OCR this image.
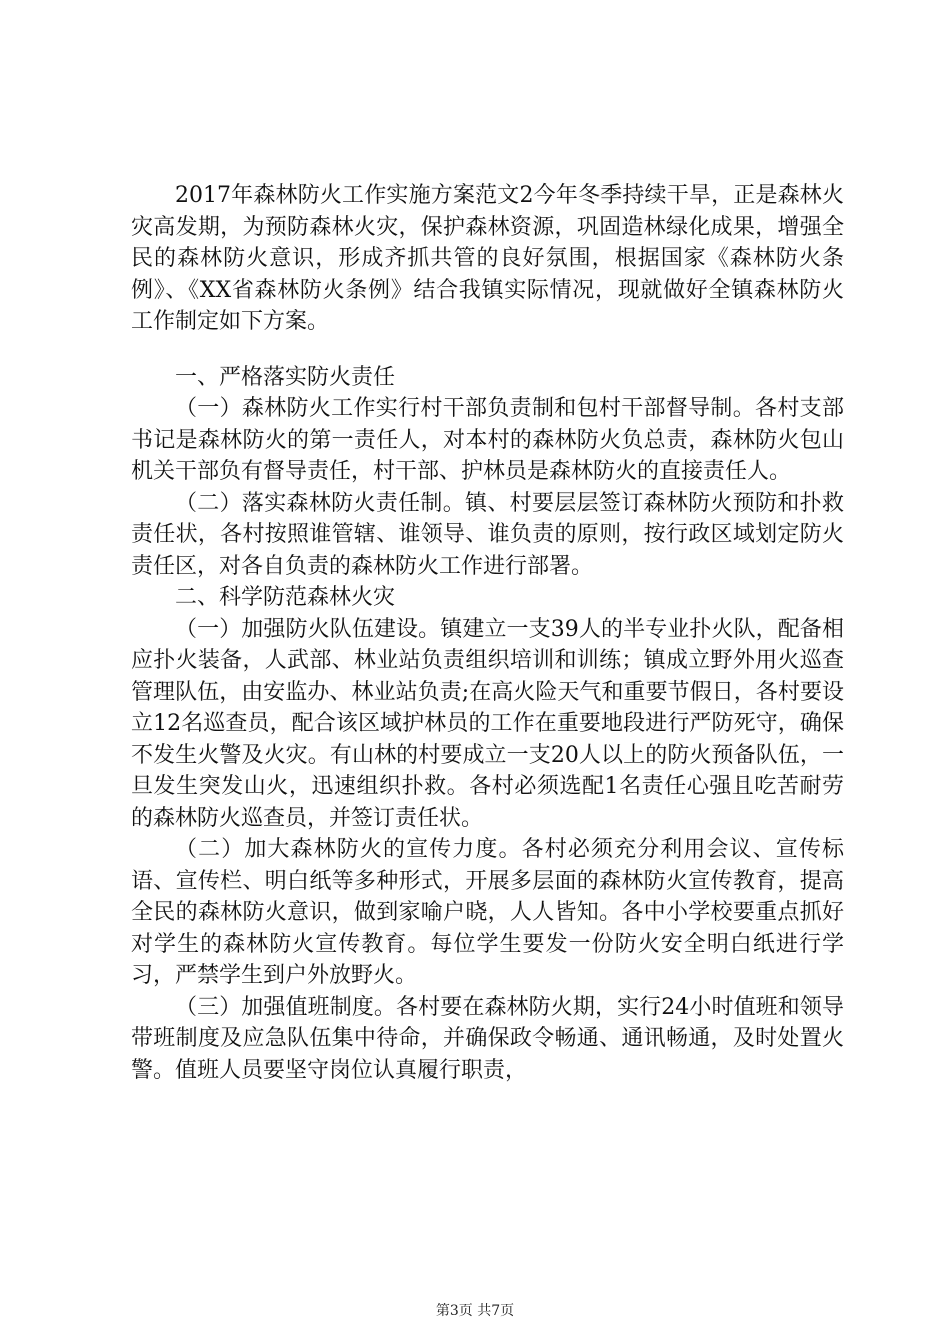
2017年森林防火工作实施方案范文2今年冬季持续干旱，正是森林火灾高发期，为预防森林火灾，保护森林资源，巩固造林绿化成果，增强全民的森林防火意识，形成齐抓共管的良好氛围，根据国家《森林防火条例》、《XX省森林防火条例》结合我镇实际情况，现就做好全镇森林防火工作制定如下方案。

一、严格落实防火责任

（一）森林防火工作实行村干部负责制和包村干部督导制。各村支部书记是森林防火的第一责任人，对本村的森林防火负总责，森林防火包山机关干部负有督导责任，村干部、护林员是森林防火的直接责任人。

（二）落实森林防火责任制。镇、村要层层签订森林防火预防和扑救责任状，各村按照谁管辖、谁领导、谁负责的原则，按行政区域划定防火责任区，对各自负责的森林防火工作进行部署。

二、科学防范森林火灾

（一）加强防火队伍建设。镇建立一支39人的半专业扑火队，配备相应扑火装备，人武部、林业站负责组织培训和训练；镇成立野外用火巡查管理队伍，由安监办、林业站负责;在高火险天气和重要节假日，各村要设立12名巡查员，配合该区域护林员的工作在重要地段进行严防死守，确保不发生火警及火灾。有山林的村要成立一支20人以上的防火预备队伍，一旦发生突发山火，迅速组织扑救。各村必须选配1名责任心强且吃苦耐劳的森林防火巡查员，并签订责任状。

（二）加大森林防火的宣传力度。各村必须充分利用会议、宣传标语、宣传栏、明白纸等多种形式，开展多层面的森林防火宣传教育，提高全民的森林防火意识，做到家喻户晓，人人皆知。各中小学校要重点抓好对学生的森林防火宣传教育。每位学生要发一份防火安全明白纸进行学习，严禁学生到户外放野火。

（三）加强值班制度。各村要在森林防火期，实行24小时值班和领导带班制度及应急队伍集中待命，并确保政令畅通、通讯畅通，及时处置火警。值班人员要坚守岗位认真履行职责，

第3页 共7页
